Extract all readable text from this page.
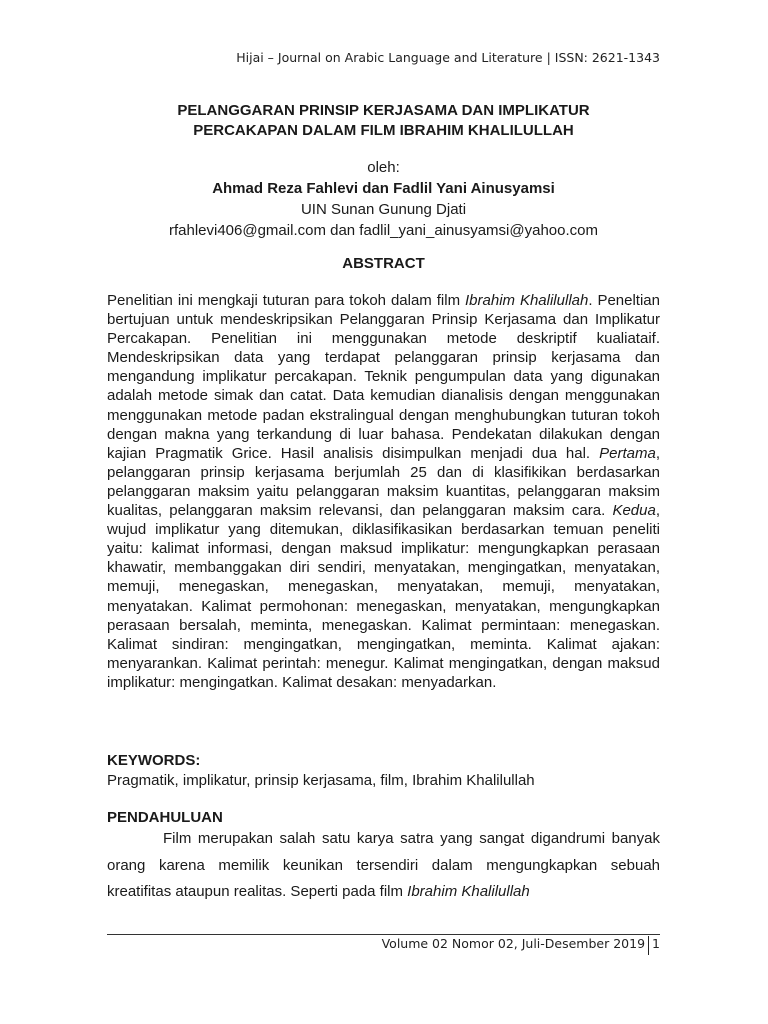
Hijai – Journal on Arabic Language and Literature | ISSN: 2621-1343
PELANGGARAN PRINSIP KERJASAMA DAN IMPLIKATUR
PERCAKAPAN DALAM FILM IBRAHIM KHALILULLAH
oleh:
Ahmad Reza Fahlevi dan Fadlil Yani Ainusyamsi
UIN Sunan Gunung Djati
rfahlevi406@gmail.com dan fadlil_yani_ainusyamsi@yahoo.com
ABSTRACT

Penelitian ini mengkaji tuturan para tokoh dalam film Ibrahim Khalilullah. Peneltian bertujuan untuk mendeskripsikan Pelanggaran Prinsip Kerjasama dan Implikatur Percakapan. Penelitian ini menggunakan metode deskriptif kualiataif. Mendeskripsikan data yang terdapat pelanggaran prinsip kerjasama dan mengandung implikatur percakapan. Teknik pengumpulan data yang digunakan adalah metode simak dan catat. Data kemudian dianalisis dengan menggunakan menggunakan metode padan ekstralingual dengan menghubungkan tuturan tokoh dengan makna yang terkandung di luar bahasa. Pendekatan dilakukan dengan kajian Pragmatik Grice. Hasil analisis disimpulkan menjadi dua hal. Pertama, pelanggaran prinsip kerjasama berjumlah 25 dan di klasifikikan berdasarkan pelanggaran maksim yaitu pelanggaran maksim kuantitas, pelanggaran maksim kualitas, pelanggaran maksim relevansi, dan pelanggaran maksim cara. Kedua, wujud implikatur yang ditemukan, diklasifikasikan berdasarkan temuan peneliti yaitu: kalimat informasi, dengan maksud implikatur: mengungkapkan perasaan khawatir, membanggakan diri sendiri, menyatakan, mengingatkan, menyatakan, memuji, menegaskan, menegaskan, menyatakan, memuji, menyatakan, menyatakan. Kalimat permohonan: menegaskan, menyatakan, mengungkapkan perasaan bersalah, meminta, menegaskan. Kalimat permintaan: menegaskan. Kalimat sindiran: mengingatkan, mengingatkan, meminta. Kalimat ajakan: menyarankan. Kalimat perintah: menegur. Kalimat mengingatkan, dengan maksud implikatur: mengingatkan. Kalimat desakan: menyadarkan.

KEYWORDS:
Pragmatik, implikatur, prinsip kerjasama, film, Ibrahim Khalilullah
PENDAHULUAN

Film merupakan salah satu karya satra yang sangat digandrumi banyak orang karena memilik keunikan tersendiri dalam mengungkapkan sebuah kreatifitas ataupun realitas. Seperti pada film Ibrahim Khalilullah

Volume 02 Nomor 02, Juli-Desember 2019 1
